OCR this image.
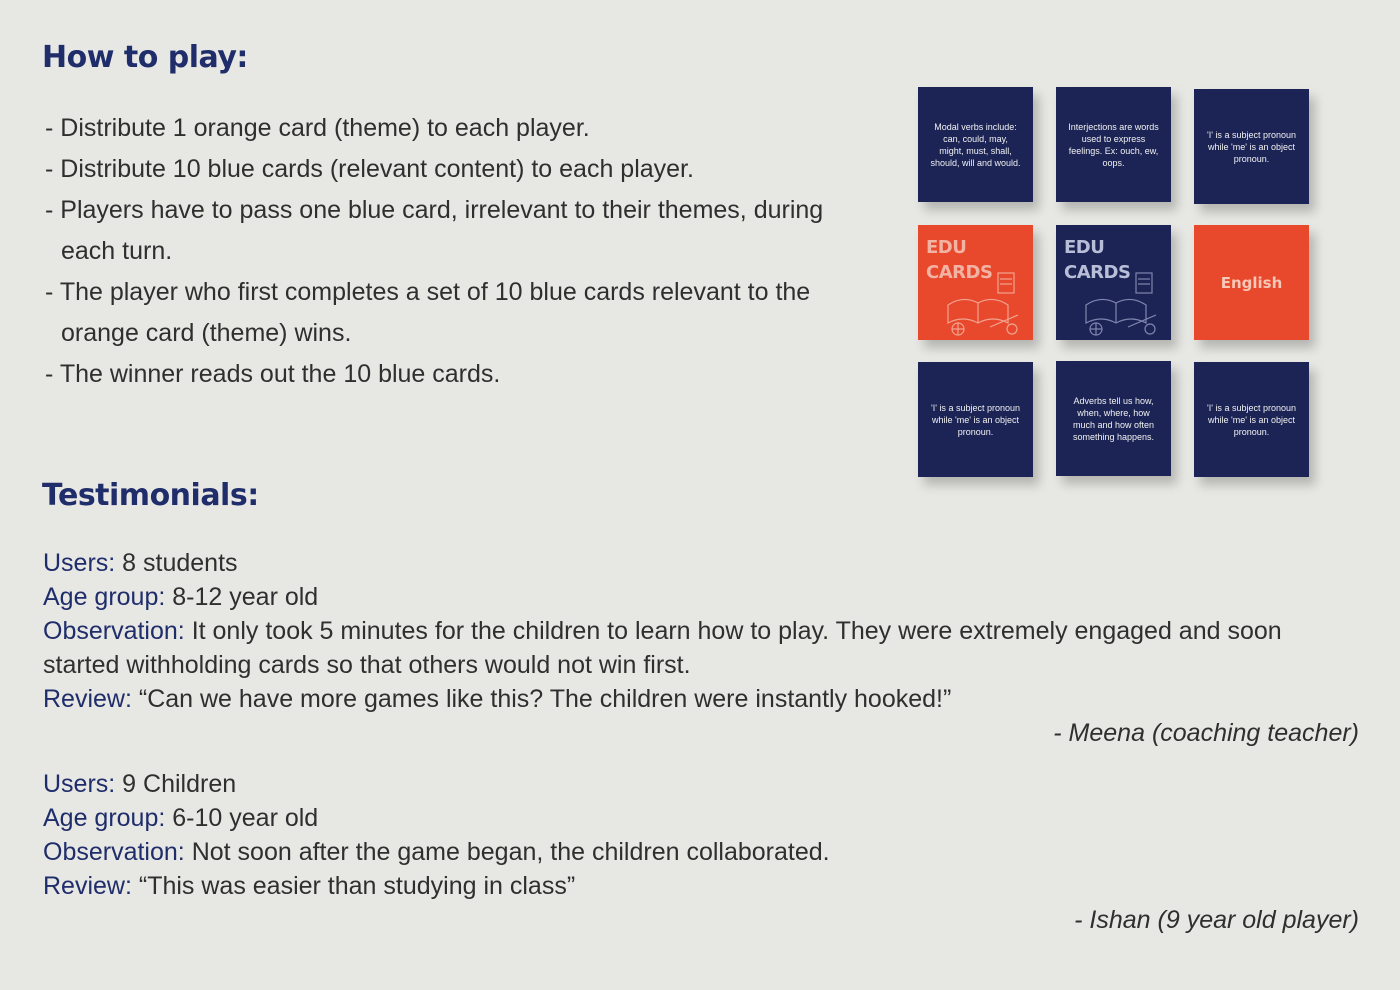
How to play:
- Distribute 1 orange card (theme) to each player.
- Distribute 10 blue cards (relevant content) to each player.
- Players have to pass one blue card, irrelevant to their themes, during each turn.
- The player who first completes a set of 10 blue cards relevant to the orange card (theme) wins.
- The winner reads out the 10 blue cards.
Modal verbs include: can, could, may, might, must, shall, should, will and would.
Interjections are words used to express feelings. Ex: ouch, ew, oops.
'I' is a subject pronoun while 'me' is an object pronoun.
EDU
CARDS
EDU
CARDS	English
'I' is a subject pronoun while 'me' is an object pronoun.
Adverbs tell us how, when, where, how much and how often something happens.
'I' is a subject pronoun while 'me' is an object pronoun.
Testimonials:

Users: 8 students

Age group: 8-12 year old

Observation: It only took 5 minutes for the children to learn how to play. They were extremely engaged and soon started withholding cards so that others would not win first.

Review: “Can we have more games like this? The children were instantly hooked!”

- Meena (coaching teacher)

Users: 9 Children

Age group: 6-10 year old

Observation: Not soon after the game began, the children collaborated.

Review: “This was easier than studying in class”

- Ishan (9 year old player)
